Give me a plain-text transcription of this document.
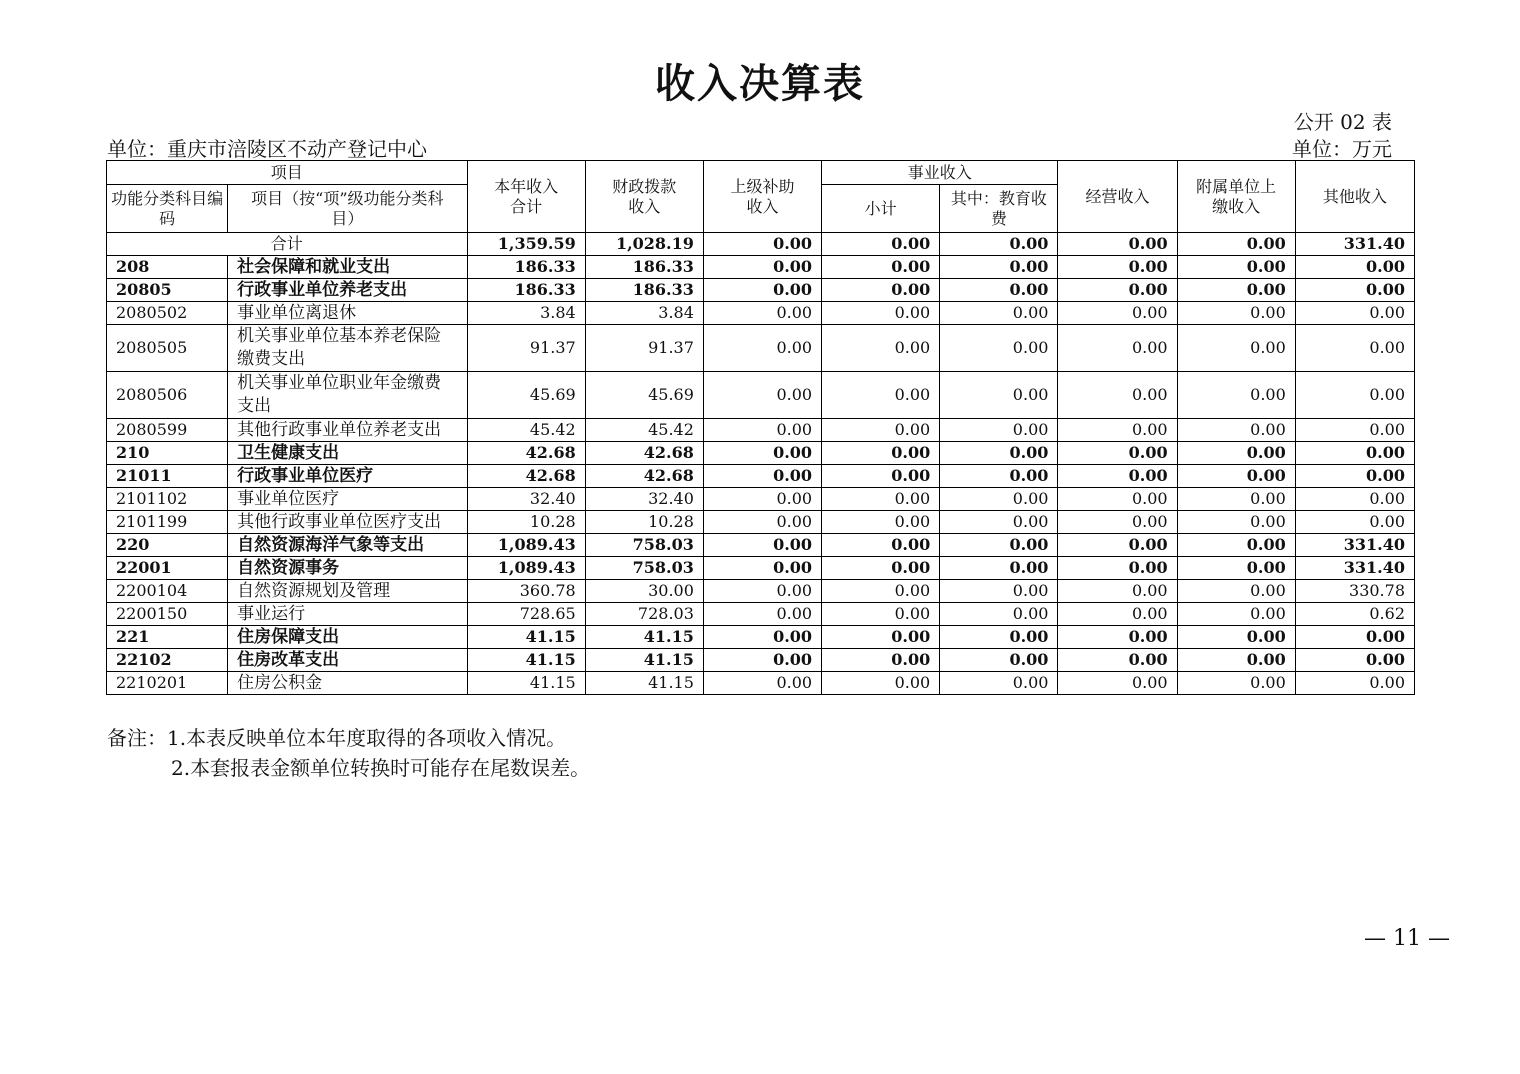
收入决算表
公开 02 表
单位：重庆市涪陵区不动产登记中心	单位：万元
项目		本年收入合计	财政拨款收入	上级补助收入	事业收入		经营收入	附属单位上缴收入	其他收入
功能分类科目编码	项目（按“项”级功能分类科目）				小计	其中：教育收费			
合计		1,359.59	1,028.19	0.00	0.00	0.00	0.00	0.00	331.40
208	社会保障和就业支出	186.33	186.33	0.00	0.00	0.00	0.00	0.00	0.00
20805	行政事业单位养老支出	186.33	186.33	0.00	0.00	0.00	0.00	0.00	0.00
2080502	事业单位离退休	3.84	3.84	0.00	0.00	0.00	0.00	0.00	0.00
2080505	机关事业单位基本养老保险缴费支出	91.37	91.37	0.00	0.00	0.00	0.00	0.00	0.00
2080506	机关事业单位职业年金缴费支出	45.69	45.69	0.00	0.00	0.00	0.00	0.00	0.00
2080599	其他行政事业单位养老支出	45.42	45.42	0.00	0.00	0.00	0.00	0.00	0.00
210	卫生健康支出	42.68	42.68	0.00	0.00	0.00	0.00	0.00	0.00
21011	行政事业单位医疗	42.68	42.68	0.00	0.00	0.00	0.00	0.00	0.00
2101102	事业单位医疗	32.40	32.40	0.00	0.00	0.00	0.00	0.00	0.00
2101199	其他行政事业单位医疗支出	10.28	10.28	0.00	0.00	0.00	0.00	0.00	0.00
220	自然资源海洋气象等支出	1,089.43	758.03	0.00	0.00	0.00	0.00	0.00	331.40
22001	自然资源事务	1,089.43	758.03	0.00	0.00	0.00	0.00	0.00	331.40
2200104	自然资源规划及管理	360.78	30.00	0.00	0.00	0.00	0.00	0.00	330.78
2200150	事业运行	728.65	728.03	0.00	0.00	0.00	0.00	0.00	0.62
221	住房保障支出	41.15	41.15	0.00	0.00	0.00	0.00	0.00	0.00
22102	住房改革支出	41.15	41.15	0.00	0.00	0.00	0.00	0.00	0.00
2210201	住房公积金	41.15	41.15	0.00	0.00	0.00	0.00	0.00	0.00
备注：1.本表反映单位本年度取得的各项收入情况。
2.本套报表金额单位转换时可能存在尾数误差。
— 11 —
